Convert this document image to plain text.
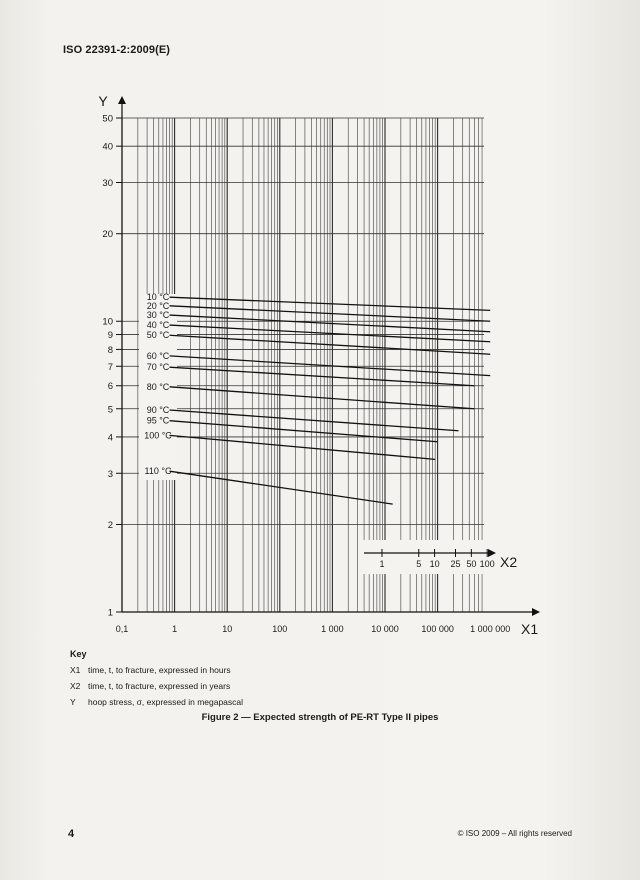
ISO 22391-2:2009(E)
1
2
3
4
5
6
7
8
9
10
20
30
40
50
Y
0,1	1	10	100	1 000	10 000	100 000 1 000 000 X1
10 °C
20 °C
30 °C
40 °C
50 °C
60 °C
70 °C
80 °C
90 °C
95 °C
100 °C
110 °C
1	5 10 25 50 100 X2
Key
X1 time, t, to fracture, expressed in hours
X2 time, t, to fracture, expressed in years
Y	hoop stress, σ, expressed in megapascal
Figure 2 — Expected strength of PE-RT Type II pipes
4	© ISO 2009 – All rights reserved
